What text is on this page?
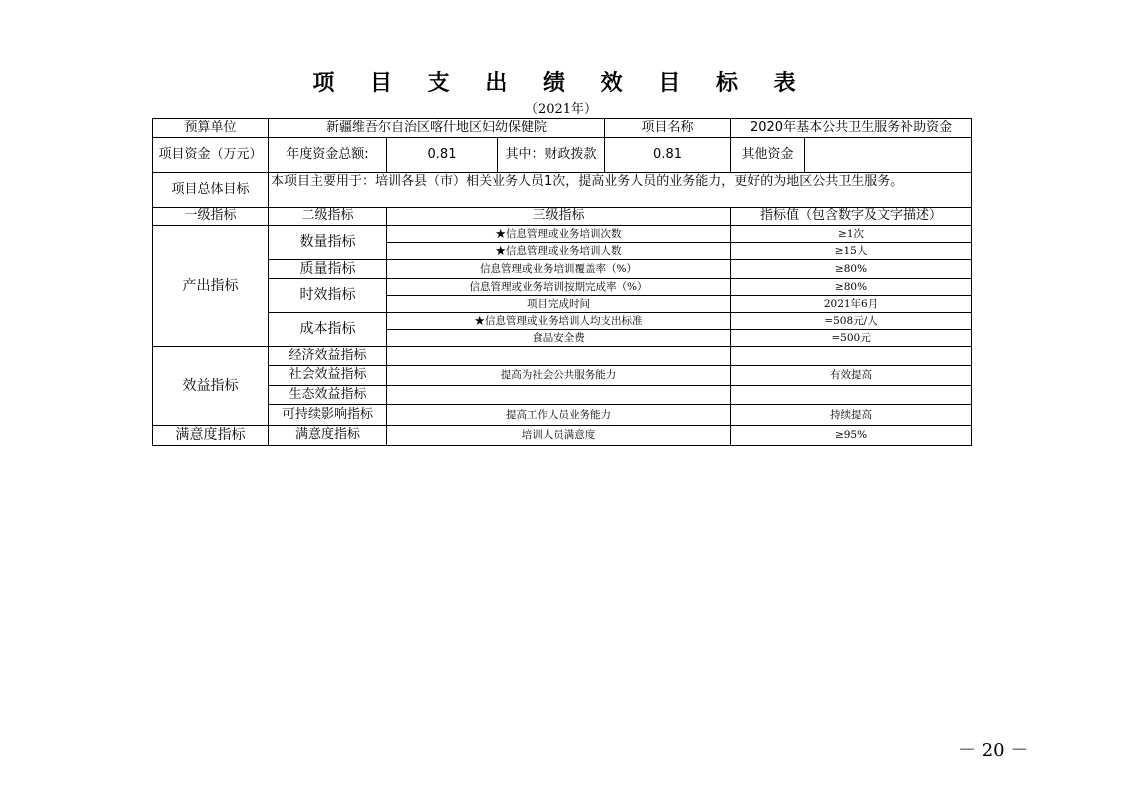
项 目 支 出 绩 效 目 标 表
（2021年）
预算单位	新疆维吾尔自治区喀什地区妇幼保健院			项目名称	2020年基本公共卫生服务补助资金	
项目资金（万元）	年度资金总额:	0.81	其中：财政拨款	0.81	其他资金	
项目总体目标	本项目主要用于：培训各县（市）相关业务人员1次，提高业务人员的业务能力，更好的为地区公共卫生服务。					
一级指标	二级指标	三级指标			指标值（包含数字及文字描述）	
产出指标	数量指标	★信息管理或业务培训次数			≥1次	
		★信息管理或业务培训人数			≥15人	
	质量指标	信息管理或业务培训覆盖率（%）			≥80%	
	时效指标	信息管理或业务培训按期完成率（%）			≥80%	
		项目完成时间			2021年6月	
	成本指标	★信息管理或业务培训人均支出标准			=508元/人	
		食品安全费			=500元	
效益指标	经济效益指标					
	社会效益指标	提高为社会公共服务能力			有效提高	
	生态效益指标					
	可持续影响指标	提高工作人员业务能力			持续提高	
满意度指标	满意度指标	培训人员满意度			≥95%	
－ 20 －
